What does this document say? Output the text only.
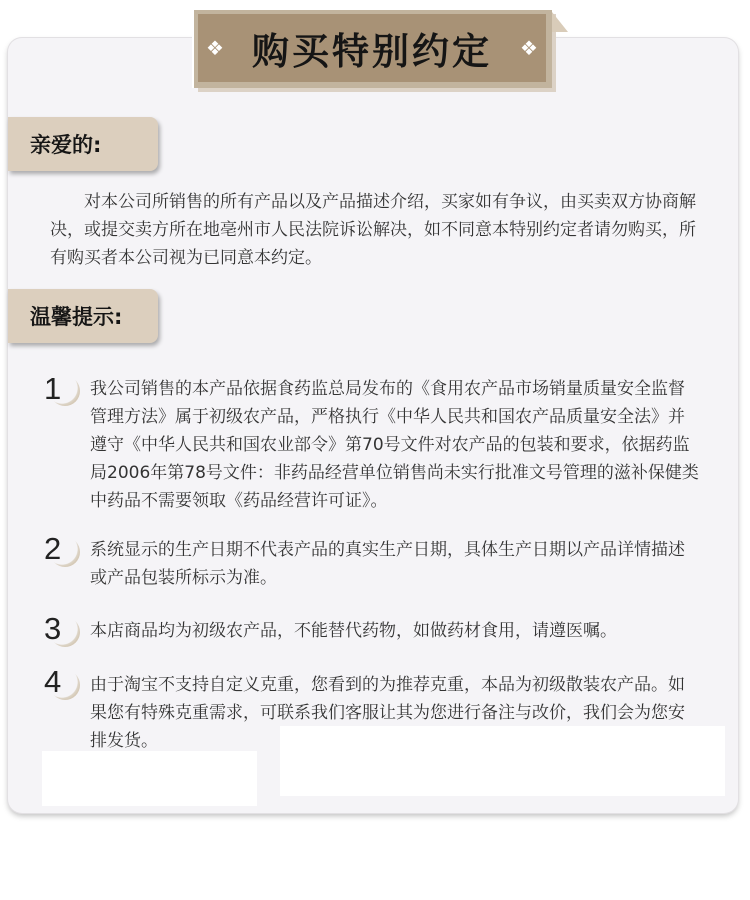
购买特别约定
❖	❖
亲爱的:
对本公司所销售的所有产品以及产品描述介绍，买家如有争议，由买卖双方协商解决，或提交卖方所在地亳州市人民法院诉讼解决，如不同意本特别约定者请勿购买，所有购买者本公司视为已同意本约定。
温馨提示:
1 我公司销售的本产品依据食药监总局发布的《食用农产品市场销量质量安全监督管理方法》属于初级农产品，严格执行《中华人民共和国农产品质量安全法》并遵守《中华人民共和国农业部令》第70号文件对农产品的包装和要求，依据药监局2006年第78号文件：非药品经营单位销售尚未实行批准文号管理的滋补保健类中药品不需要领取《药品经营许可证》。
2 系统显示的生产日期不代表产品的真实生产日期，具体生产日期以产品详情描述或产品包装所标示为准。
3 本店商品均为初级农产品，不能替代药物，如做药材食用，请遵医嘱。
4 由于淘宝不支持自定义克重，您看到的为推荐克重，本品为初级散装农产品。如果您有特殊克重需求，可联系我们客服让其为您进行备注与改价，我们会为您安排发货。
